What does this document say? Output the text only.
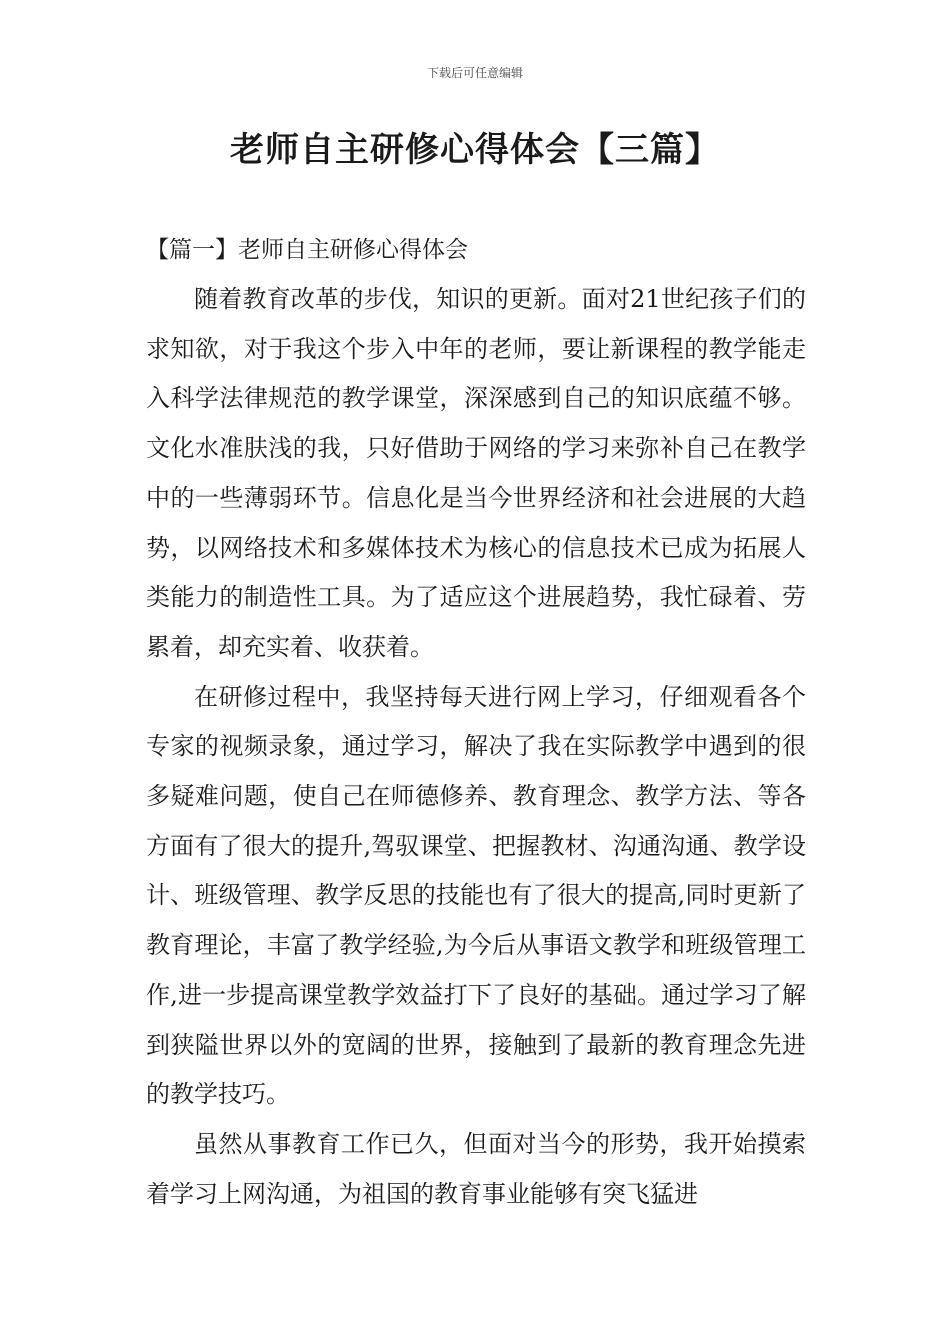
下载后可任意编辑
老师自主研修心得体会【三篇】
【篇一】老师自主研修心得体会

随着教育改革的步伐，知识的更新。面对21世纪孩子们的求知欲，对于我这个步入中年的老师，要让新课程的教学能走入科学法律规范的教学课堂，深深感到自己的知识底蕴不够。文化水准肤浅的我，只好借助于网络的学习来弥补自己在教学中的一些薄弱环节。信息化是当今世界经济和社会进展的大趋势，以网络技术和多媒体技术为核心的信息技术已成为拓展人类能力的制造性工具。为了适应这个进展趋势，我忙碌着、劳累着，却充实着、收获着。

在研修过程中，我坚持每天进行网上学习，仔细观看各个专家的视频录象，通过学习，解决了我在实际教学中遇到的很多疑难问题，使自己在师德修养、教育理念、教学方法、等各方面有了很大的提升,驾驭课堂、把握教材、沟通沟通、教学设计、班级管理、教学反思的技能也有了很大的提高,同时更新了教育理论，丰富了教学经验,为今后从事语文教学和班级管理工作,进一步提高课堂教学效益打下了良好的基础。通过学习了解到狭隘世界以外的宽阔的世界，接触到了最新的教育理念先进的教学技巧。

虽然从事教育工作已久，但面对当今的形势，我开始摸索着学习上网沟通，为祖国的教育事业能够有突飞猛进
